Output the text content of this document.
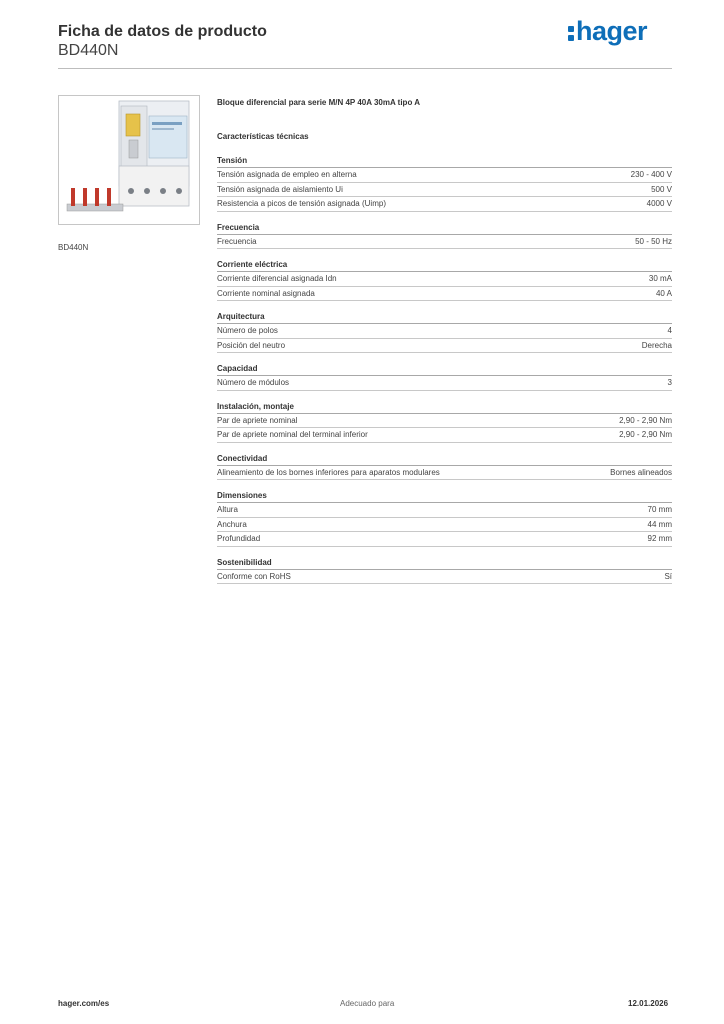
Ficha de datos de producto
BD440N
hager
BD440N
Bloque diferencial para serie M/N 4P 40A 30mA tipo A
Características técnicas
Tensión
Tensión asignada de empleo en alterna	230 - 400 V
Tensión asignada de aislamiento Ui	500 V
Resistencia a picos de tensión asignada (Uimp)	4000 V
Frecuencia
Frecuencia	50 - 50 Hz
Corriente eléctrica
Corriente diferencial asignada Idn	30 mA
Corriente nominal asignada	40 A
Arquitectura
Número de polos	4
Posición del neutro	Derecha
Capacidad
Número de módulos	3
Instalación, montaje
Par de apriete nominal	2,90 - 2,90 Nm
Par de apriete nominal del terminal inferior	2,90 - 2,90 Nm
Conectividad
Alineamiento de los bornes inferiores para aparatos modulares	Bornes alineados
Dimensiones
Altura	70 mm
Anchura	44 mm
Profundidad	92 mm
Sostenibilidad
Conforme con RoHS	Sí
hager.com/es	Adecuado para	12.01.2026
